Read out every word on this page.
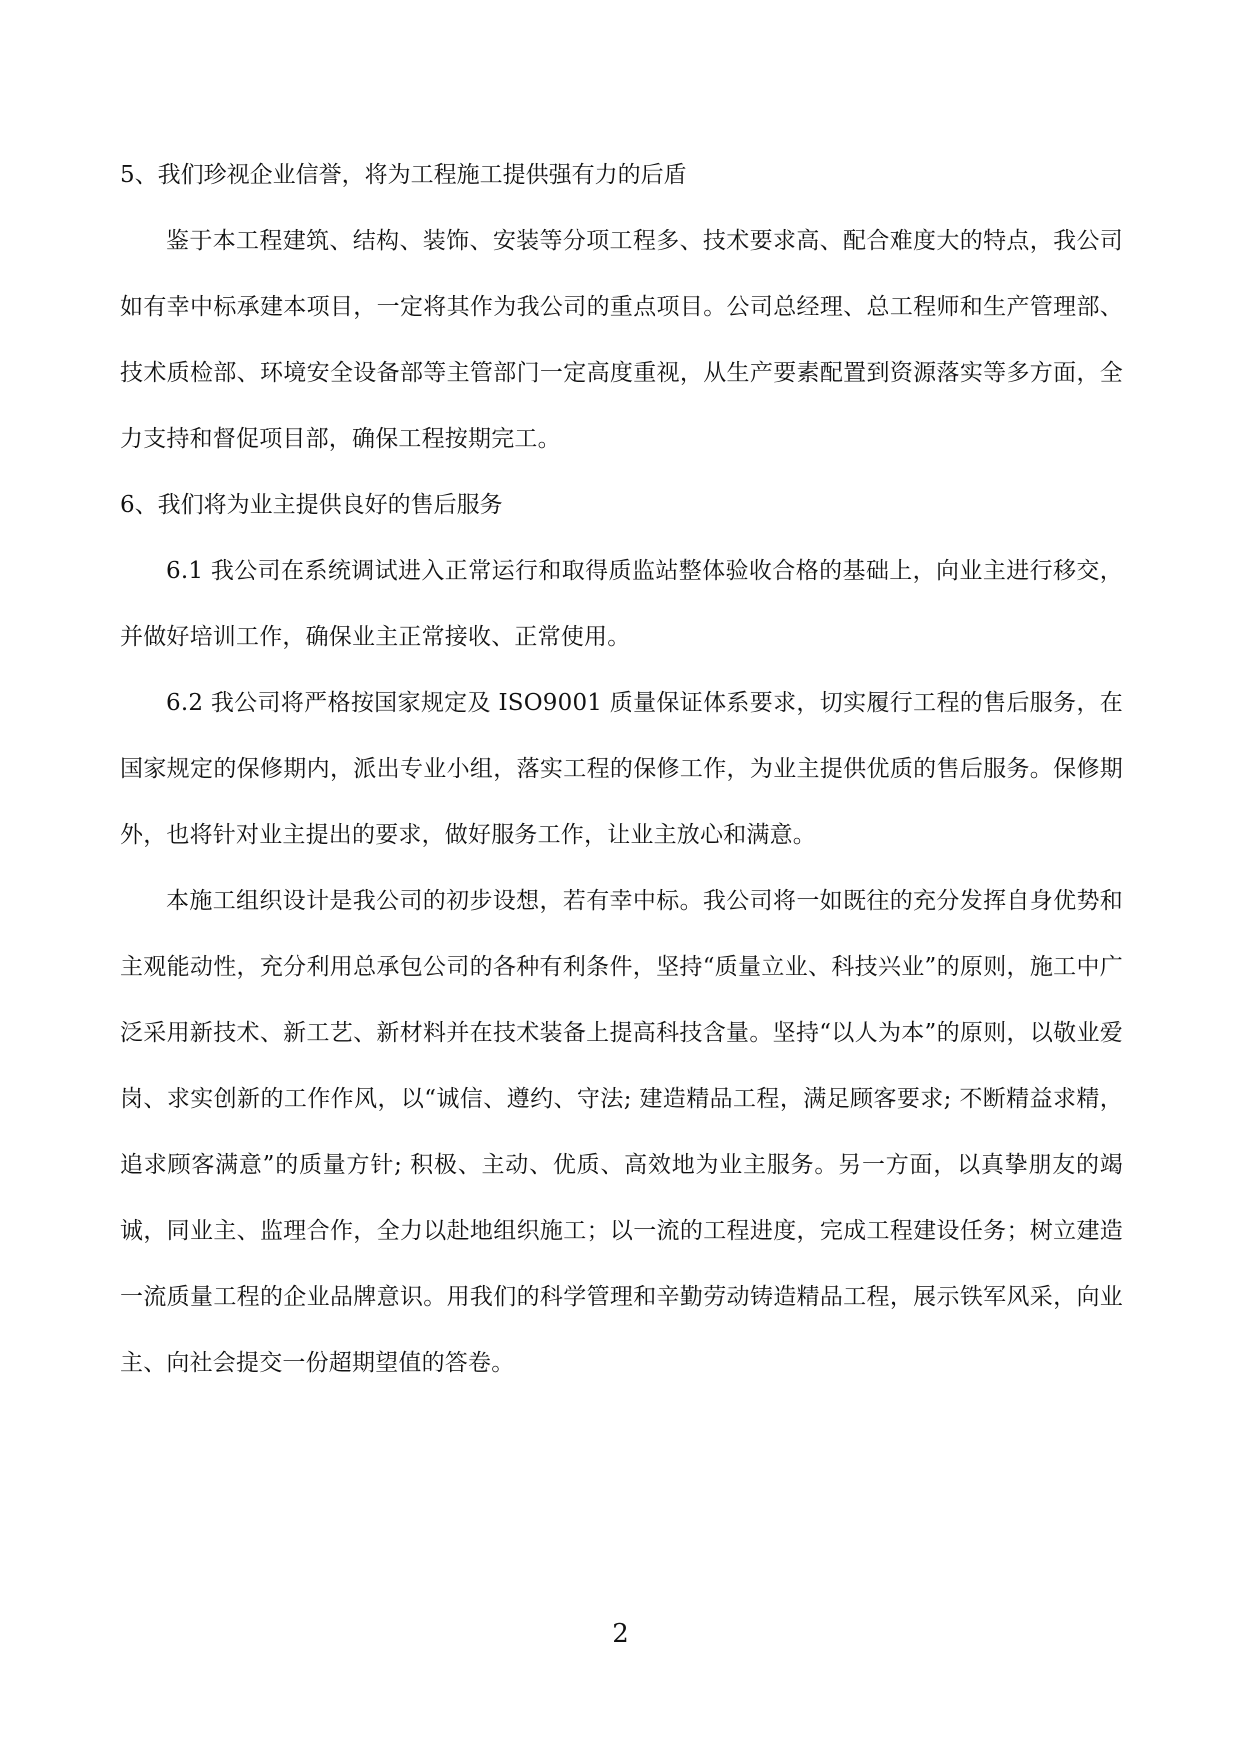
5、我们珍视企业信誉，将为工程施工提供强有力的后盾

鉴于本工程建筑、结构、装饰、安装等分项工程多、技术要求高、配合难度大的特点，我公司如有幸中标承建本项目，一定将其作为我公司的重点项目。公司总经理、总工程师和生产管理部、技术质检部、环境安全设备部等主管部门一定高度重视，从生产要素配置到资源落实等多方面，全力支持和督促项目部，确保工程按期完工。

6、我们将为业主提供良好的售后服务

6.1 我公司在系统调试进入正常运行和取得质监站整体验收合格的基础上，向业主进行移交，并做好培训工作，确保业主正常接收、正常使用。

6.2 我公司将严格按国家规定及 ISO9001 质量保证体系要求，切实履行工程的售后服务，在国家规定的保修期内，派出专业小组，落实工程的保修工作，为业主提供优质的售后服务。保修期外，也将针对业主提出的要求，做好服务工作，让业主放心和满意。

本施工组织设计是我公司的初步设想，若有幸中标。我公司将一如既往的充分发挥自身优势和主观能动性，充分利用总承包公司的各种有利条件，坚持“质量立业、科技兴业”的原则，施工中广泛采用新技术、新工艺、新材料并在技术装备上提高科技含量。坚持“以人为本”的原则，以敬业爱岗、求实创新的工作作风，以“诚信、遵约、守法; 建造精品工程，满足顾客要求; 不断精益求精，追求顾客满意”的质量方针; 积极、主动、优质、高效地为业主服务。另一方面，以真挚朋友的竭诚，同业主、监理合作，全力以赴地组织施工；以一流的工程进度，完成工程建设任务；树立建造一流质量工程的企业品牌意识。用我们的科学管理和辛勤劳动铸造精品工程，展示铁军风采，向业主、向社会提交一份超期望值的答卷。

2
